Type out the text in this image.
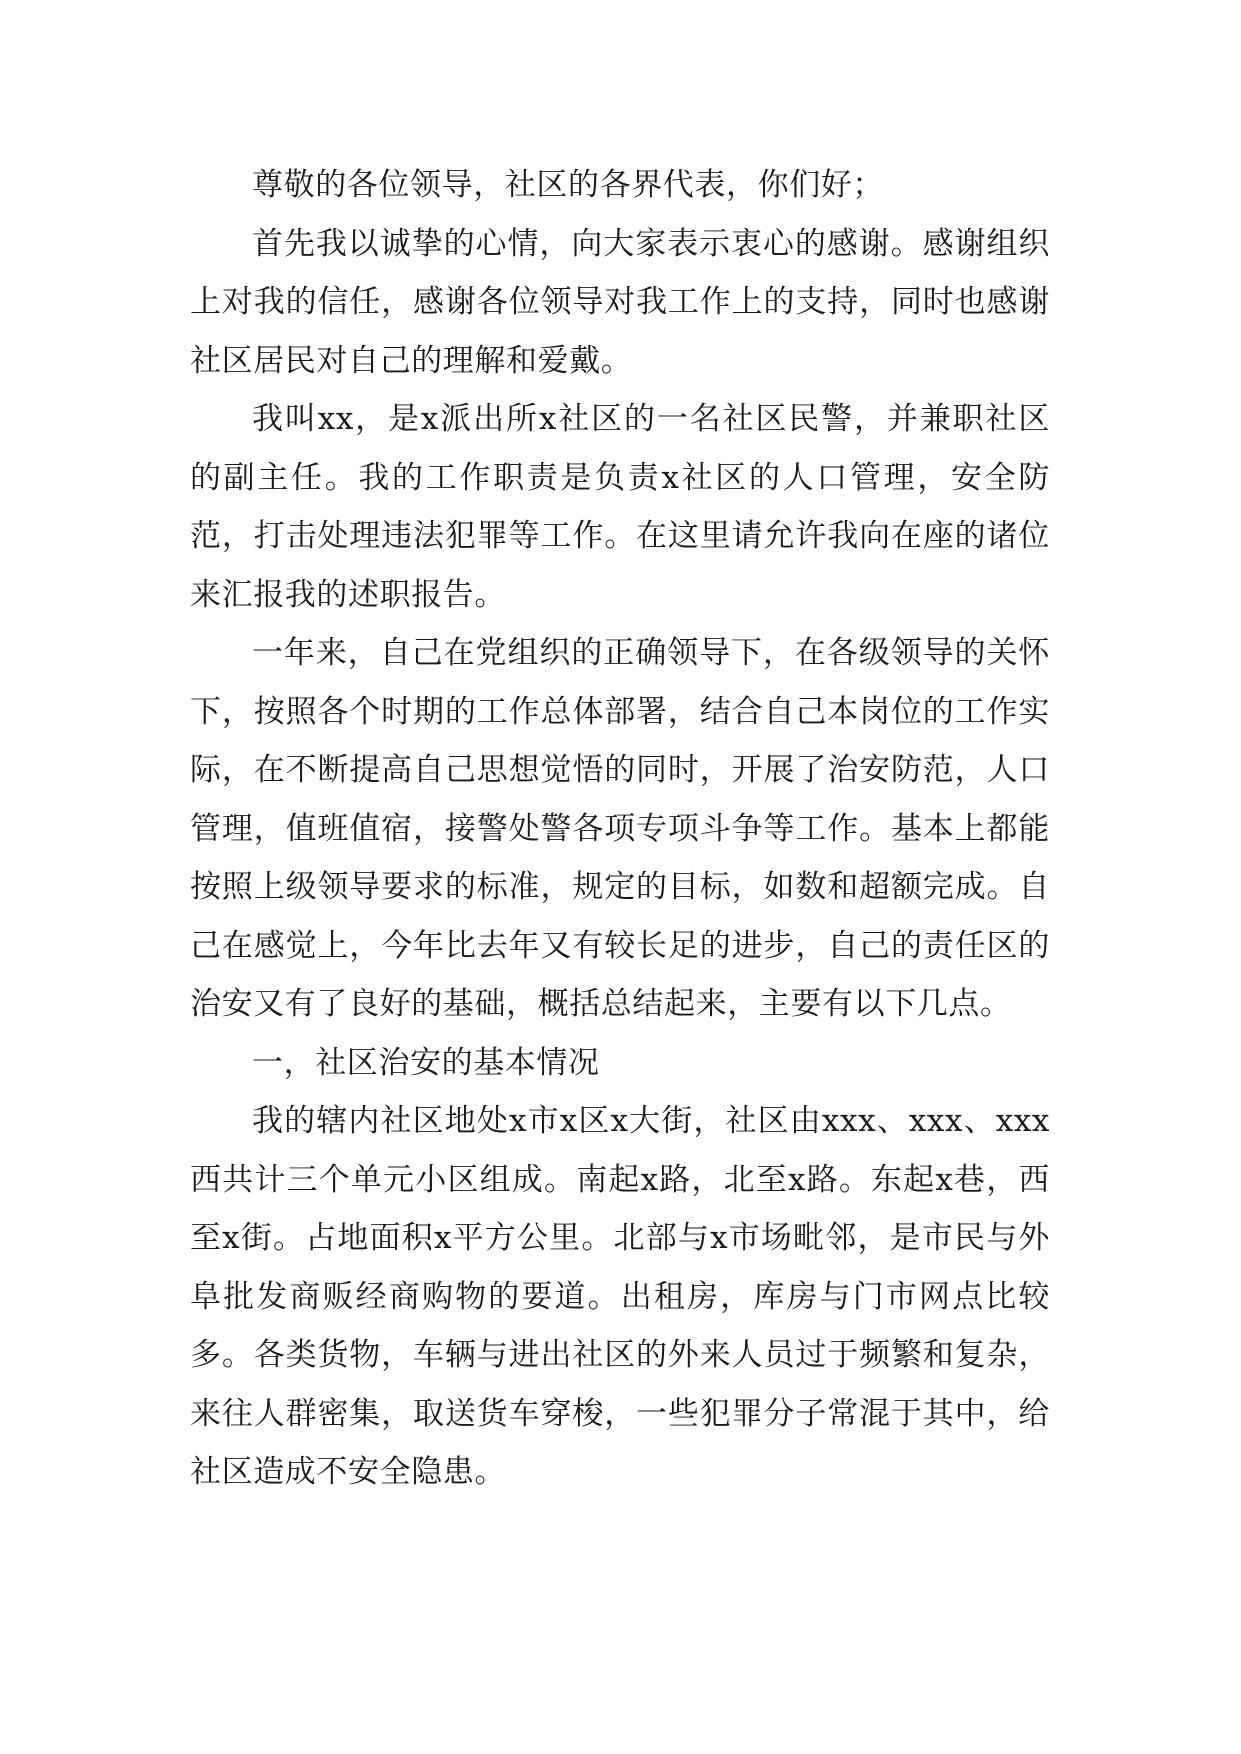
尊敬的各位领导，社区的各界代表，你们好；

首先我以诚挚的心情，向大家表示衷心的感谢。感谢组织上对我的信任，感谢各位领导对我工作上的支持，同时也感谢社区居民对自己的理解和爱戴。

我叫xx，是x派出所x社区的一名社区民警，并兼职社区的副主任。我的工作职责是负责x社区的人口管理，安全防范，打击处理违法犯罪等工作。在这里请允许我向在座的诸位来汇报我的述职报告。

一年来，自己在党组织的正确领导下，在各级领导的关怀下，按照各个时期的工作总体部署，结合自己本岗位的工作实际，在不断提高自己思想觉悟的同时，开展了治安防范，人口管理，值班值宿，接警处警各项专项斗争等工作。基本上都能按照上级领导要求的标准，规定的目标，如数和超额完成。自己在感觉上，今年比去年又有较长足的进步，自己的责任区的治安又有了良好的基础，概括总结起来，主要有以下几点。

一，社区治安的基本情况

我的辖内社区地处x市x区x大街，社区由xxx、xxx、xxx西共计三个单元小区组成。南起x路，北至x路。东起x巷，西至x街。占地面积x平方公里。北部与x市场毗邻，是市民与外阜批发商贩经商购物的要道。出租房，库房与门市网点比较多。各类货物，车辆与进出社区的外来人员过于频繁和复杂，来往人群密集，取送货车穿梭，一些犯罪分子常混于其中，给社区造成不安全隐患。
